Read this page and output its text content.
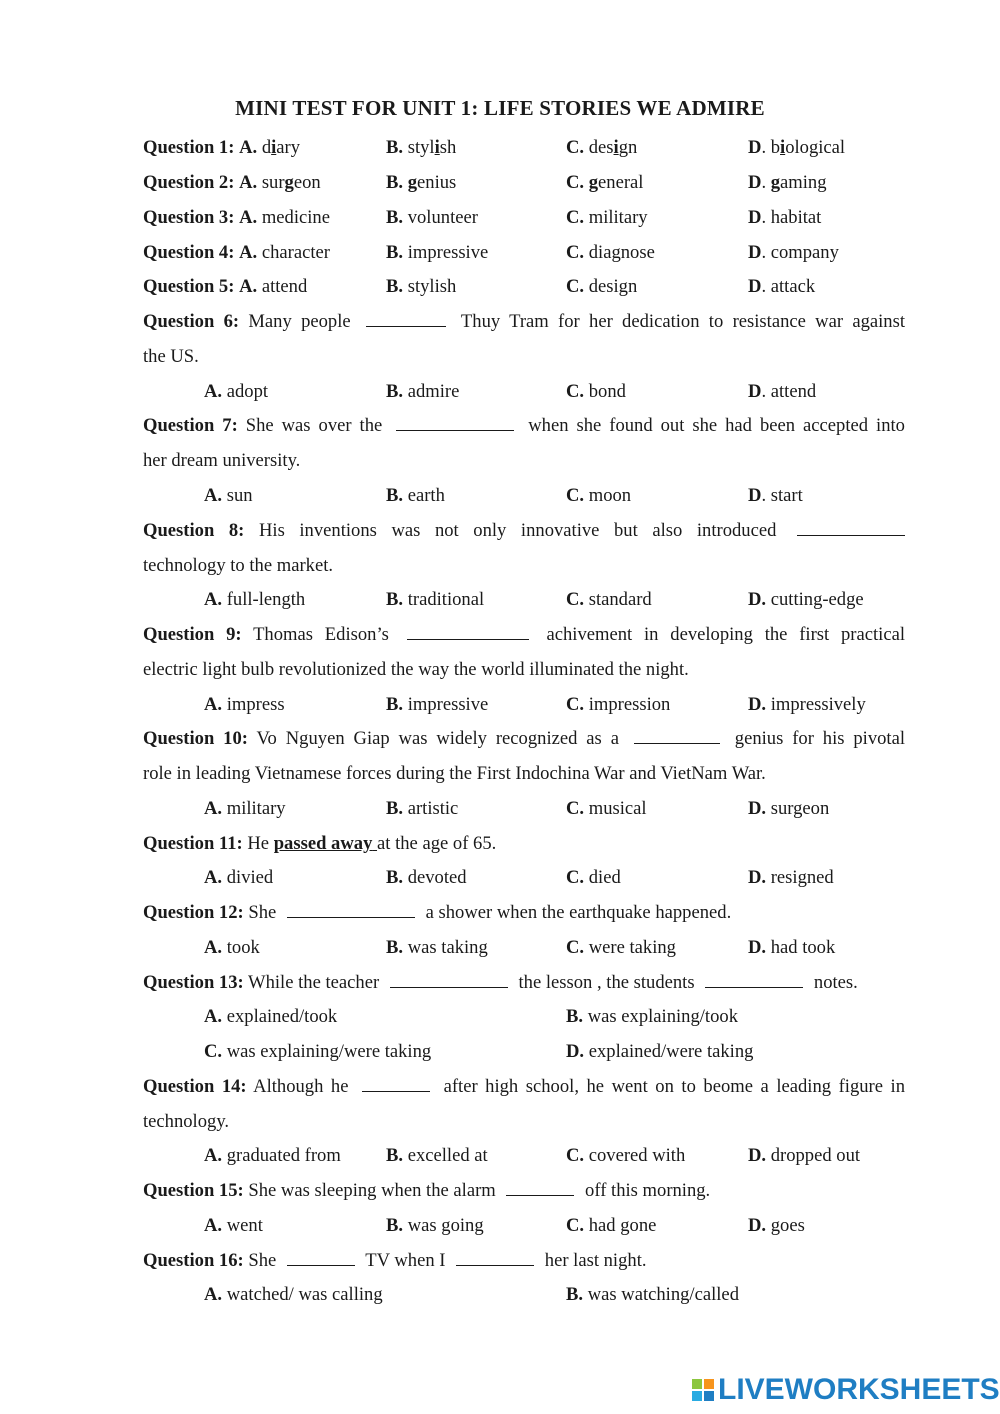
MINI TEST FOR UNIT 1: LIFE STORIES WE ADMIRE
Question 1: A. diary	B. stylish	C. design	D. biological
Question 2: A. surgeon	B. genius	C. general	D. gaming
Question 3: A. medicine	B. volunteer	C. military	D. habitat
Question 4: A. character	B. impressive	C. diagnose	D. company
Question 5: A. attend	B. stylish	C. design	D. attack
Question 6: Many people	Thuy Tram for her dedication to resistance war against
the US.
A. adopt	B. admire	C. bond	D. attend
Question 7: She was over the	when she found out she had been accepted into
her dream university.
A. sun	B. earth	C. moon	D. start
Question 8: His inventions was not only innovative but also introduced
technology to the market.
A. full-length	B. traditional	C. standard	D. cutting-edge
Question 9: Thomas Edison’s	achivement in developing the first practical
electric light bulb revolutionized the way the world illuminated the night.
A. impress	B. impressive	C. impression	D. impressively
Question 10: Vo Nguyen Giap was widely recognized as a	genius for his pivotal
role in leading Vietnamese forces during the First Indochina War and VietNam War.
A. military	B. artistic	C. musical	D. surgeon
Question 11: He passed away at the age of 65.
A. divied	B. devoted	C. died	D. resigned
Question 12: She	a shower when the earthquake happened.
A. took	B. was taking	C. were taking	D. had took
Question 13: While the teacher	the lesson , the students	notes.
A. explained/took	B. was explaining/took
C. was explaining/were taking	D. explained/were taking
Question 14: Although he	after high school, he went on to beome a leading figure in
technology.
A. graduated from B. excelled at	C. covered with	D. dropped out
Question 15: She was sleeping when the alarm	off this morning.
A. went	B. was going	C. had gone	D. goes
Question 16: She	TV when I	her last night.
A. watched/ was calling	B. was watching/called
LIVEWORKSHEETS
